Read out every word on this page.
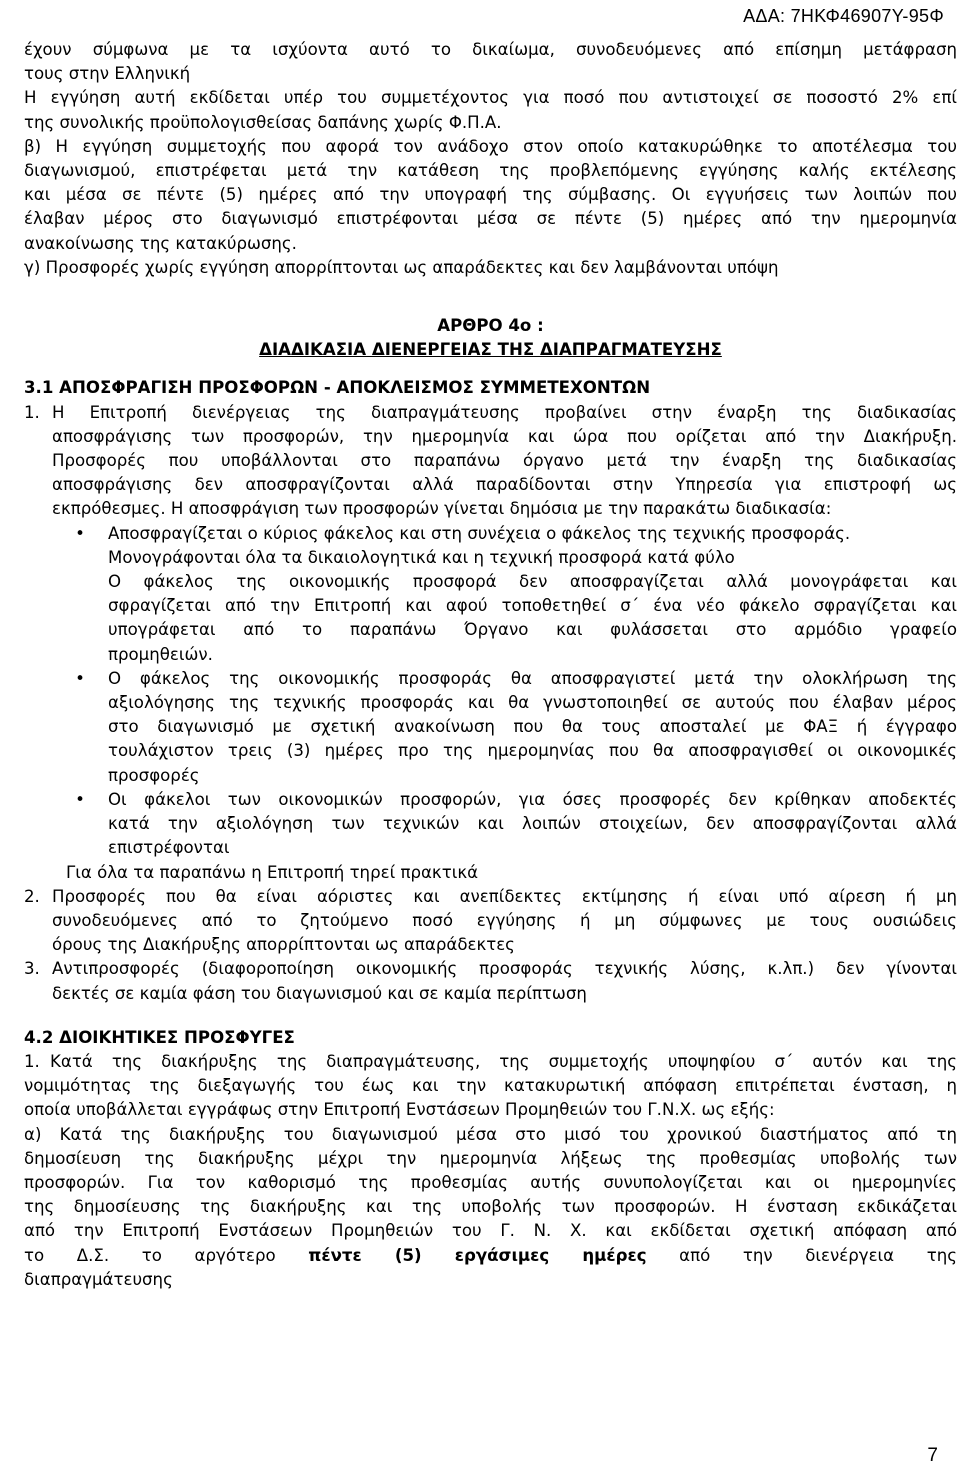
ΑΔΑ: 7ΗΚΦ46907Υ-95Φ
έχουν σύμφωνα με τα ισχύοντα αυτό το δικαίωμα, συνοδευόμενες από επίσημη μετάφραση
τους στην Ελληνική
Η εγγύηση αυτή εκδίδεται υπέρ του συμμετέχοντος για ποσό που αντιστοιχεί σε ποσοστό 2% επί
της συνολικής προϋπολογισθείσας δαπάνης χωρίς Φ.Π.Α.
β) Η εγγύηση συμμετοχής που αφορά τον ανάδοχο στον οποίο κατακυρώθηκε το αποτέλεσμα του
διαγωνισμού, επιστρέφεται μετά την κατάθεση της προβλεπόμενης εγγύησης καλής εκτέλεσης
και μέσα σε πέντε (5) ημέρες από την υπογραφή της σύμβασης. Οι εγγυήσεις των λοιπών που
έλαβαν μέρος στο διαγωνισμό επιστρέφονται μέσα σε πέντε (5) ημέρες από την ημερομηνία
ανακοίνωσης της κατακύρωσης.
γ) Προσφορές χωρίς εγγύηση απορρίπτονται ως απαράδεκτες και δεν λαμβάνονται υπόψη
ΑΡΘΡΟ 4ο :
ΔΙΑΔΙΚΑΣΙΑ ΔΙΕΝΕΡΓΕΙΑΣ ΤΗΣ ΔΙΑΠΡΑΓΜΑΤΕΥΣΗΣ
3.1 ΑΠΟΣΦΡΑΓΙΣΗ ΠΡΟΣΦΟΡΩΝ - ΑΠΟΚΛΕΙΣΜΟΣ ΣΥΜΜΕΤΕΧΟΝΤΩΝ
1. Η Επιτροπή διενέργειας της διαπραγμάτευσης προβαίνει στην έναρξη της διαδικασίας
αποσφράγισης των προσφορών, την ημερομηνία και ώρα που ορίζεται από την Διακήρυξη.
Προσφορές που υποβάλλονται στο παραπάνω όργανο μετά την έναρξη της διαδικασίας
αποσφράγισης δεν αποσφραγίζονται αλλά παραδίδονται στην Υπηρεσία για επιστροφή ως
εκπρόθεσμες. Η αποσφράγιση των προσφορών γίνεται δημόσια με την παρακάτω διαδικασία:
•	Αποσφραγίζεται ο κύριος φάκελος και στη συνέχεια ο φάκελος της τεχνικής προσφοράς.
Μονογράφονται όλα τα δικαιολογητικά και η τεχνική προσφορά κατά φύλο
Ο φάκελος της οικονομικής προσφορά δεν αποσφραγίζεται αλλά μονογράφεται και
σφραγίζεται από την Επιτροπή και αφού τοποθετηθεί σ΄ ένα νέο φάκελο σφραγίζεται και
υπογράφεται από το παραπάνω Όργανο και φυλάσσεται στο αρμόδιο γραφείο
προμηθειών.
•	Ο φάκελος της οικονομικής προσφοράς θα αποσφραγιστεί μετά την ολοκλήρωση της
αξιολόγησης της τεχνικής προσφοράς και θα γνωστοποιηθεί σε αυτούς που έλαβαν μέρος
στο διαγωνισμό με σχετική ανακοίνωση που θα τους αποσταλεί με ΦΑΞ ή έγγραφο
τουλάχιστον τρεις (3) ημέρες προ της ημερομηνίας που θα αποσφραγισθεί οι οικονομικές
προσφορές
•	Οι φάκελοι των οικονομικών προσφορών, για όσες προσφορές δεν κρίθηκαν αποδεκτές
κατά την αξιολόγηση των τεχνικών και λοιπών στοιχείων, δεν αποσφραγίζονται αλλά
επιστρέφονται
Για όλα τα παραπάνω η Επιτροπή τηρεί πρακτικά
2. Προσφορές που θα είναι αόριστες και ανεπίδεκτες εκτίμησης ή είναι υπό αίρεση ή μη
συνοδευόμενες από το ζητούμενο ποσό εγγύησης ή μη σύμφωνες με τους ουσιώδεις
όρους της Διακήρυξης απορρίπτονται ως απαράδεκτες
3. Αντιπροσφορές (διαφοροποίηση οικονομικής προσφοράς τεχνικής λύσης, κ.λπ.) δεν γίνονται
δεκτές σε καμία φάση του διαγωνισμού και σε καμία περίπτωση
4.2 ΔΙΟΙΚΗΤΙΚΕΣ ΠΡΟΣΦΥΓΕΣ
1. Κατά της διακήρυξης της διαπραγμάτευσης, της συμμετοχής υποψηφίου σ΄ αυτόν και της
νομιμότητας της διεξαγωγής του έως και την κατακυρωτική απόφαση επιτρέπεται ένσταση, η
οποία υποβάλλεται εγγράφως στην Επιτροπή Ενστάσεων Προμηθειών του Γ.Ν.Χ. ως εξής:
α) Κατά της διακήρυξης του διαγωνισμού μέσα στο μισό του χρονικού διαστήματος από τη
δημοσίευση της διακήρυξης μέχρι την ημερομηνία λήξεως της προθεσμίας υποβολής των
προσφορών. Για τον καθορισμό της προθεσμίας αυτής συνυπολογίζεται και οι ημερομηνίες
της δημοσίευσης της διακήρυξης και της υποβολής των προσφορών. Η ένσταση εκδικάζεται
από την Επιτροπή Ενστάσεων Προμηθειών του Γ. Ν. Χ. και εκδίδεται σχετική απόφαση από
το Δ.Σ. το αργότερο πέντε (5) εργάσιμες ημέρες από την διενέργεια της
διαπραγμάτευσης
7
